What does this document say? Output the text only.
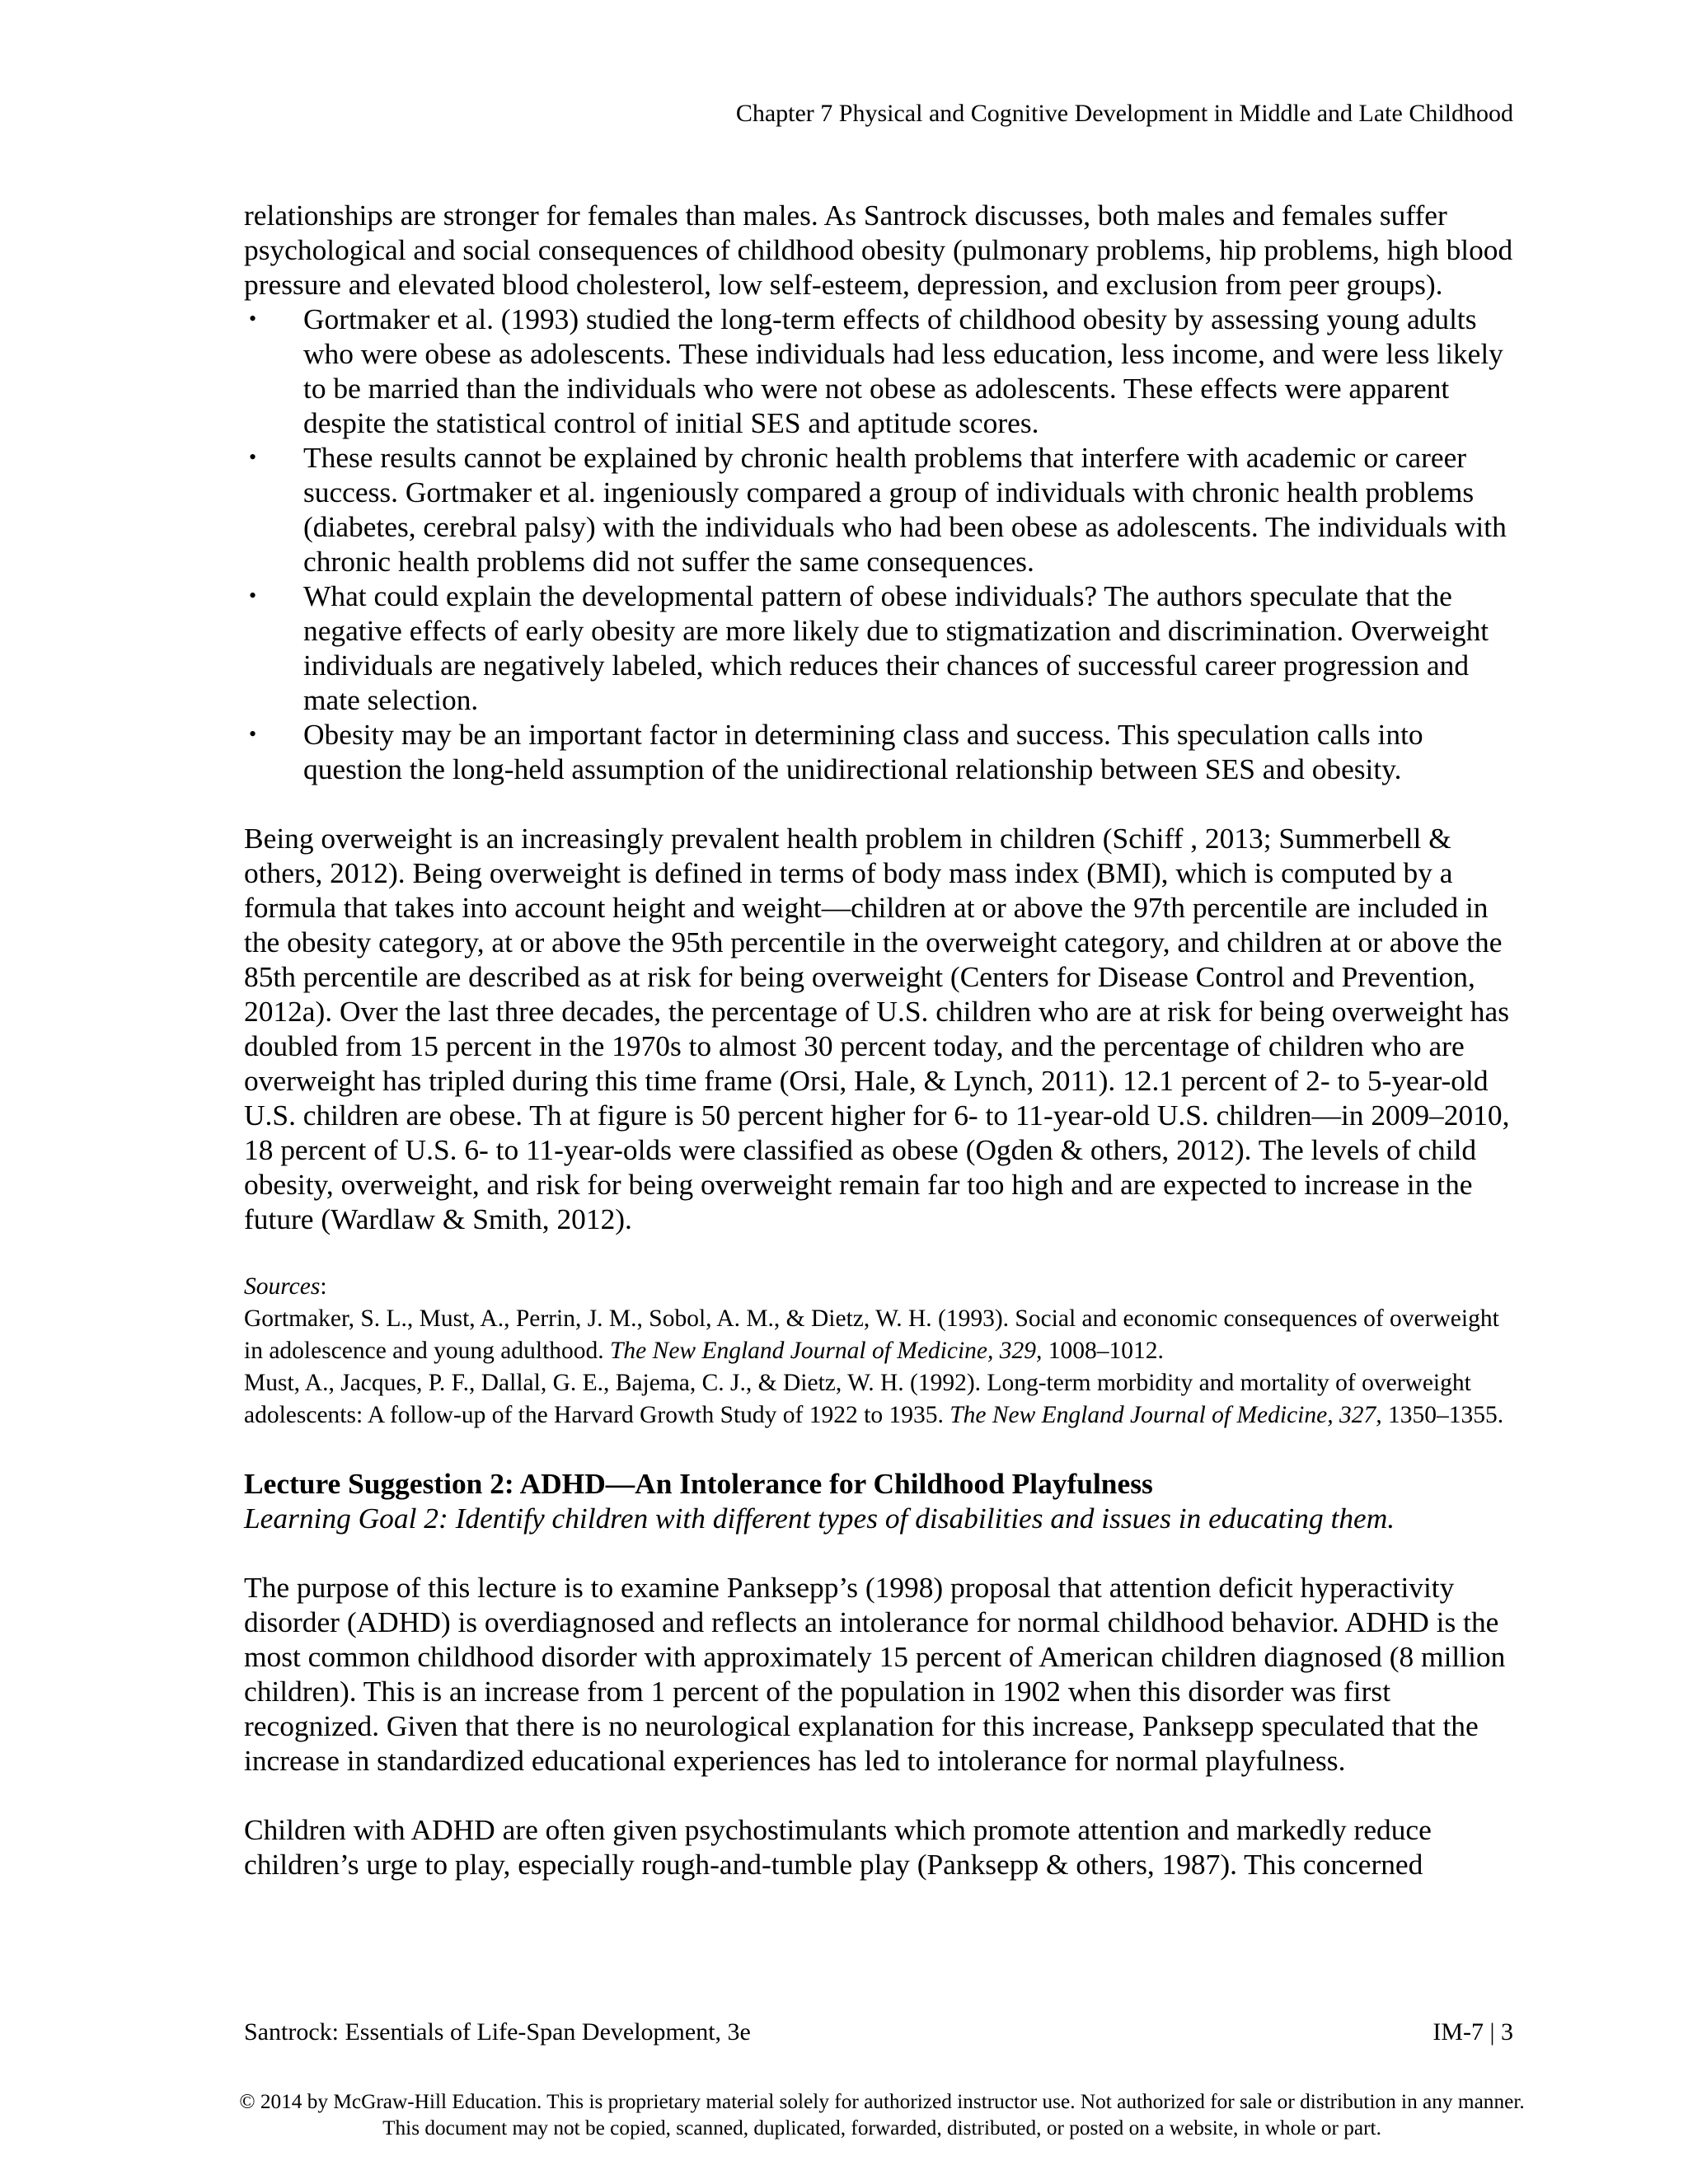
Chapter 7 Physical and Cognitive Development in Middle and Late Childhood

relationships are stronger for females than males. As Santrock discusses, both males and females suffer psychological and social consequences of childhood obesity (pulmonary problems, hip problems, high blood pressure and elevated blood cholesterol, low self-esteem, depression, and exclusion from peer groups).

• Gortmaker et al. (1993) studied the long-term effects of childhood obesity by assessing young adults who were obese as adolescents. These individuals had less education, less income, and were less likely to be married than the individuals who were not obese as adolescents. These effects were apparent despite the statistical control of initial SES and aptitude scores.
• These results cannot be explained by chronic health problems that interfere with academic or career success. Gortmaker et al. ingeniously compared a group of individuals with chronic health problems (diabetes, cerebral palsy) with the individuals who had been obese as adolescents. The individuals with chronic health problems did not suffer the same consequences.
• What could explain the developmental pattern of obese individuals? The authors speculate that the negative effects of early obesity are more likely due to stigmatization and discrimination. Overweight individuals are negatively labeled, which reduces their chances of successful career progression and mate selection.
• Obesity may be an important factor in determining class and success. This speculation calls into question the long-held assumption of the unidirectional relationship between SES and obesity.

Being overweight is an increasingly prevalent health problem in children (Schiff , 2013; Summerbell & others, 2012). Being overweight is defined in terms of body mass index (BMI), which is computed by a formula that takes into account height and weight—children at or above the 97th percentile are included in the obesity category, at or above the 95th percentile in the overweight category, and children at or above the 85th percentile are described as at risk for being overweight (Centers for Disease Control and Prevention, 2012a). Over the last three decades, the percentage of U.S. children who are at risk for being overweight has doubled from 15 percent in the 1970s to almost 30 percent today, and the percentage of children who are overweight has tripled during this time frame (Orsi, Hale, & Lynch, 2011). 12.1 percent of 2- to 5-year-old U.S. children are obese. Th at figure is 50 percent higher for 6- to 11-year-old U.S. children—in 2009–2010, 18 percent of U.S. 6- to 11-year-olds were classified as obese (Ogden & others, 2012). The levels of child obesity, overweight, and risk for being overweight remain far too high and are expected to increase in the future (Wardlaw & Smith, 2012).

Sources:
Gortmaker, S. L., Must, A., Perrin, J. M., Sobol, A. M., & Dietz, W. H. (1993). Social and economic consequences of overweight in adolescence and young adulthood. The New England Journal of Medicine, 329, 1008–1012.
Must, A., Jacques, P. F., Dallal, G. E., Bajema, C. J., & Dietz, W. H. (1992). Long-term morbidity and mortality of overweight adolescents: A follow-up of the Harvard Growth Study of 1922 to 1935. The New England Journal of Medicine, 327, 1350–1355.
Lecture Suggestion 2: ADHD—An Intolerance for Childhood Playfulness
Learning Goal 2: Identify children with different types of disabilities and issues in educating them.

The purpose of this lecture is to examine Panksepp’s (1998) proposal that attention deficit hyperactivity disorder (ADHD) is overdiagnosed and reflects an intolerance for normal childhood behavior. ADHD is the most common childhood disorder with approximately 15 percent of American children diagnosed (8 million children). This is an increase from 1 percent of the population in 1902 when this disorder was first recognized. Given that there is no neurological explanation for this increase, Panksepp speculated that the increase in standardized educational experiences has led to intolerance for normal playfulness.

Children with ADHD are often given psychostimulants which promote attention and markedly reduce children’s urge to play, especially rough-and-tumble play (Panksepp & others, 1987). This concerned

Santrock: Essentials of Life-Span Development, 3e	IM-7 | 3
© 2014 by McGraw-Hill Education. This is proprietary material solely for authorized instructor use. Not authorized for sale or distribution in any manner. This document may not be copied, scanned, duplicated, forwarded, distributed, or posted on a website, in whole or part.
